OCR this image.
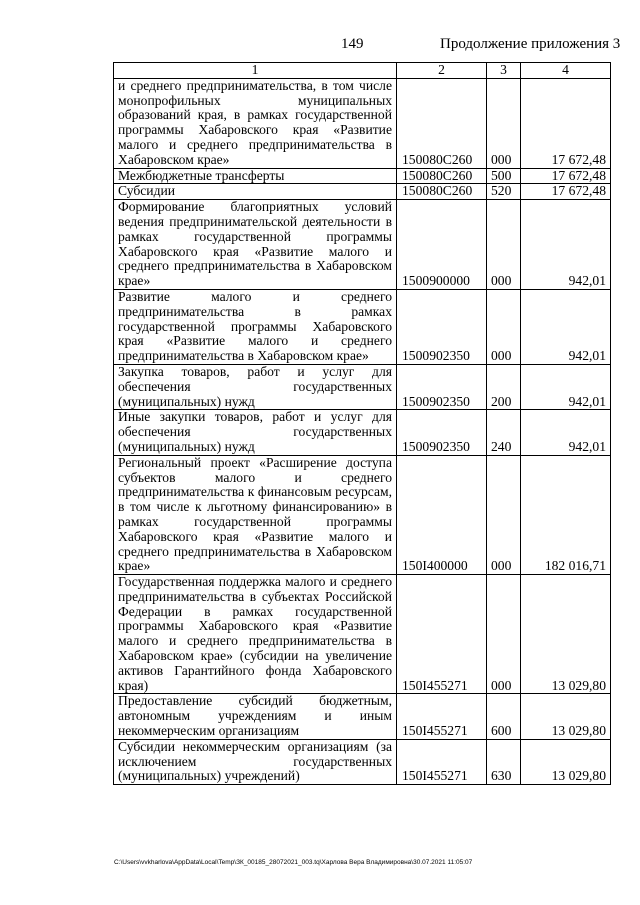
149	Продолжение приложения 3
1	2	3	4
и среднего предпринимательства, в том числе монопрофильных муниципальных образований края, в рамках государственной программы Хабаровского края «Развитие малого и среднего предпринимательства в Хабаровском крае»	150080С260	000	17 672,48
Межбюджетные трансферты	150080С260	500	17 672,48
Субсидии	150080С260	520	17 672,48
Формирование благоприятных условий ведения предпринимательской деятельности в рамках государственной программы Хабаровского края «Развитие малого и среднего предпринимательства в Хабаровском крае»	1500900000	000	942,01
Развитие малого и среднего предпринимательства в рамках государственной программы Хабаровского края «Развитие малого и среднего предпринимательства в Хабаровском крае»	1500902350	000	942,01
Закупка товаров, работ и услуг для обеспечения государственных (муниципальных) нужд	1500902350	200	942,01
Иные закупки товаров, работ и услуг для обеспечения государственных (муниципальных) нужд	1500902350	240	942,01
Региональный проект «Расширение доступа субъектов малого и среднего предпринимательства к финансовым ресурсам, в том числе к льготному финансированию» в рамках государственной программы Хабаровского края «Развитие малого и среднего предпринимательства в Хабаровском крае»	150I400000	000	182 016,71
Государственная поддержка малого и среднего предпринимательства в субъектах Российской Федерации в рамках государственной программы Хабаровского края «Развитие малого и среднего предпринимательства в Хабаровском крае» (субсидии на увеличение активов Гарантийного фонда Хабаровского края)	150I455271	000	13 029,80
Предоставление субсидий бюджетным, автономным учреждениям и иным некоммерческим организациям	150I455271	600	13 029,80
Субсидии некоммерческим организациям (за исключением государственных (муниципальных) учреждений)	150I455271	630	13 029,80
C:\Users\vvkharlova\AppData\Local\Temp\ЗК_00185_28072021_003.tq\Харлова Вера Владимировна\30.07.2021 11:05:07
